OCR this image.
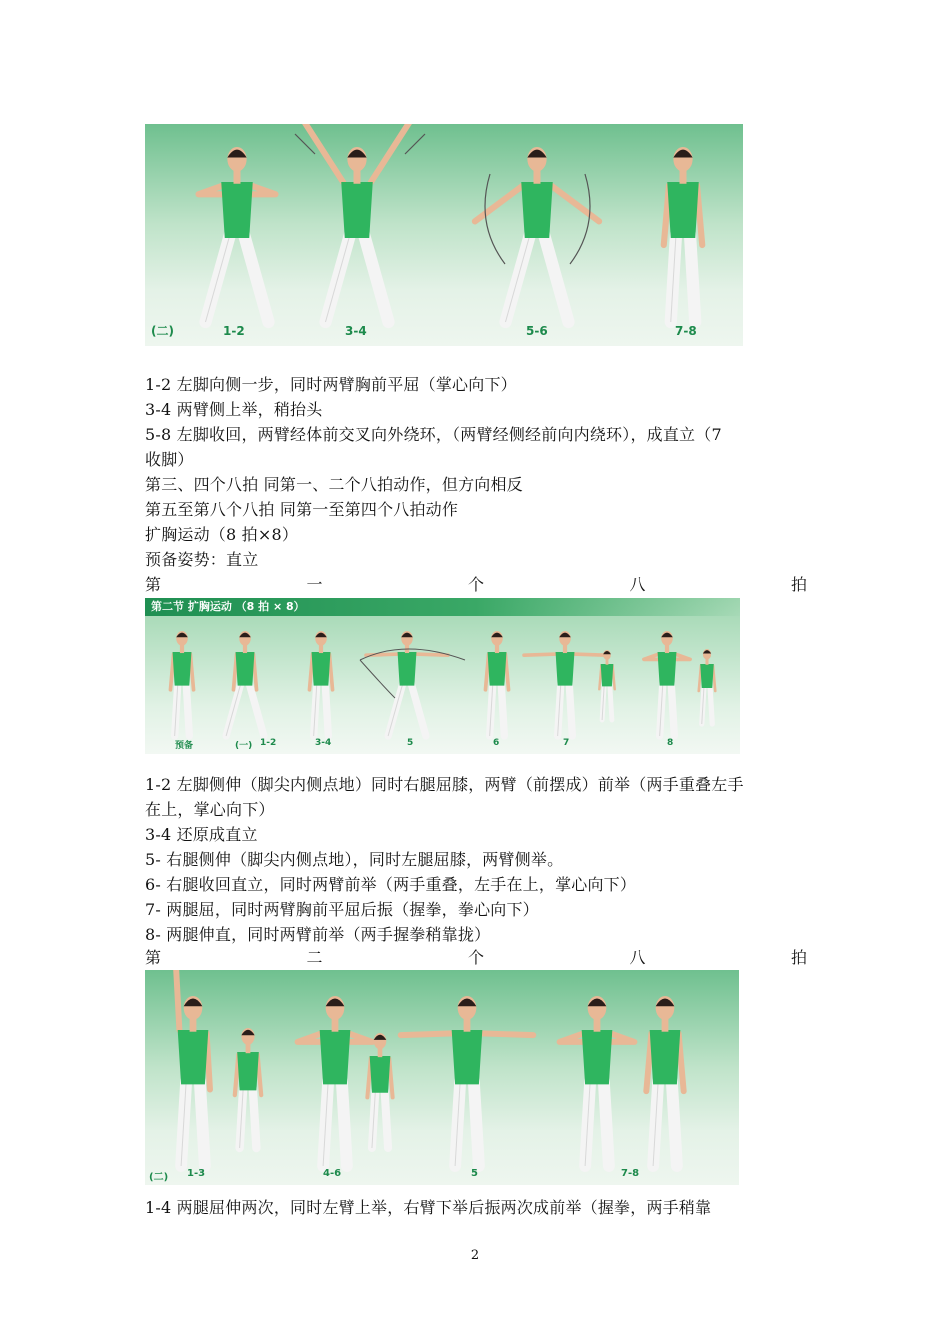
(二)	1-2	3-4	5-6	7-8
1-2 左脚向侧一步，同时两臂胸前平屈（掌心向下）
3-4 两臂侧上举，稍抬头
5-8 左脚收回，两臂经体前交叉向外绕环，（两臂经侧经前向内绕环），成直立（7
收脚）
第三、四个八拍 同第一、二个八拍动作，但方向相反
第五至第八个八拍 同第一至第四个八拍动作
扩胸运动（8 拍×8）
预备姿势：直立
第	一	个	八	拍
第二节 扩胸运动 （8 拍 × 8）
预备	(一) 1-2	3-4	5	6	7	8
1-2 左脚侧伸（脚尖内侧点地）同时右腿屈膝，两臂（前摆成）前举（两手重叠左手
在上，掌心向下）
3-4 还原成直立
5- 右腿侧伸（脚尖内侧点地），同时左腿屈膝，两臂侧举。
6- 右腿收回直立，同时两臂前举（两手重叠，左手在上，掌心向下）
7- 两腿屈，同时两臂胸前平屈后振（握拳，拳心向下）
8- 两腿伸直，同时两臂前举（两手握拳稍靠拢）
第	二	个	八	拍
(二) 1-3	4-6	5	7-8
1-4 两腿屈伸两次，同时左臂上举，右臂下举后振两次成前举（握拳，两手稍靠
2
